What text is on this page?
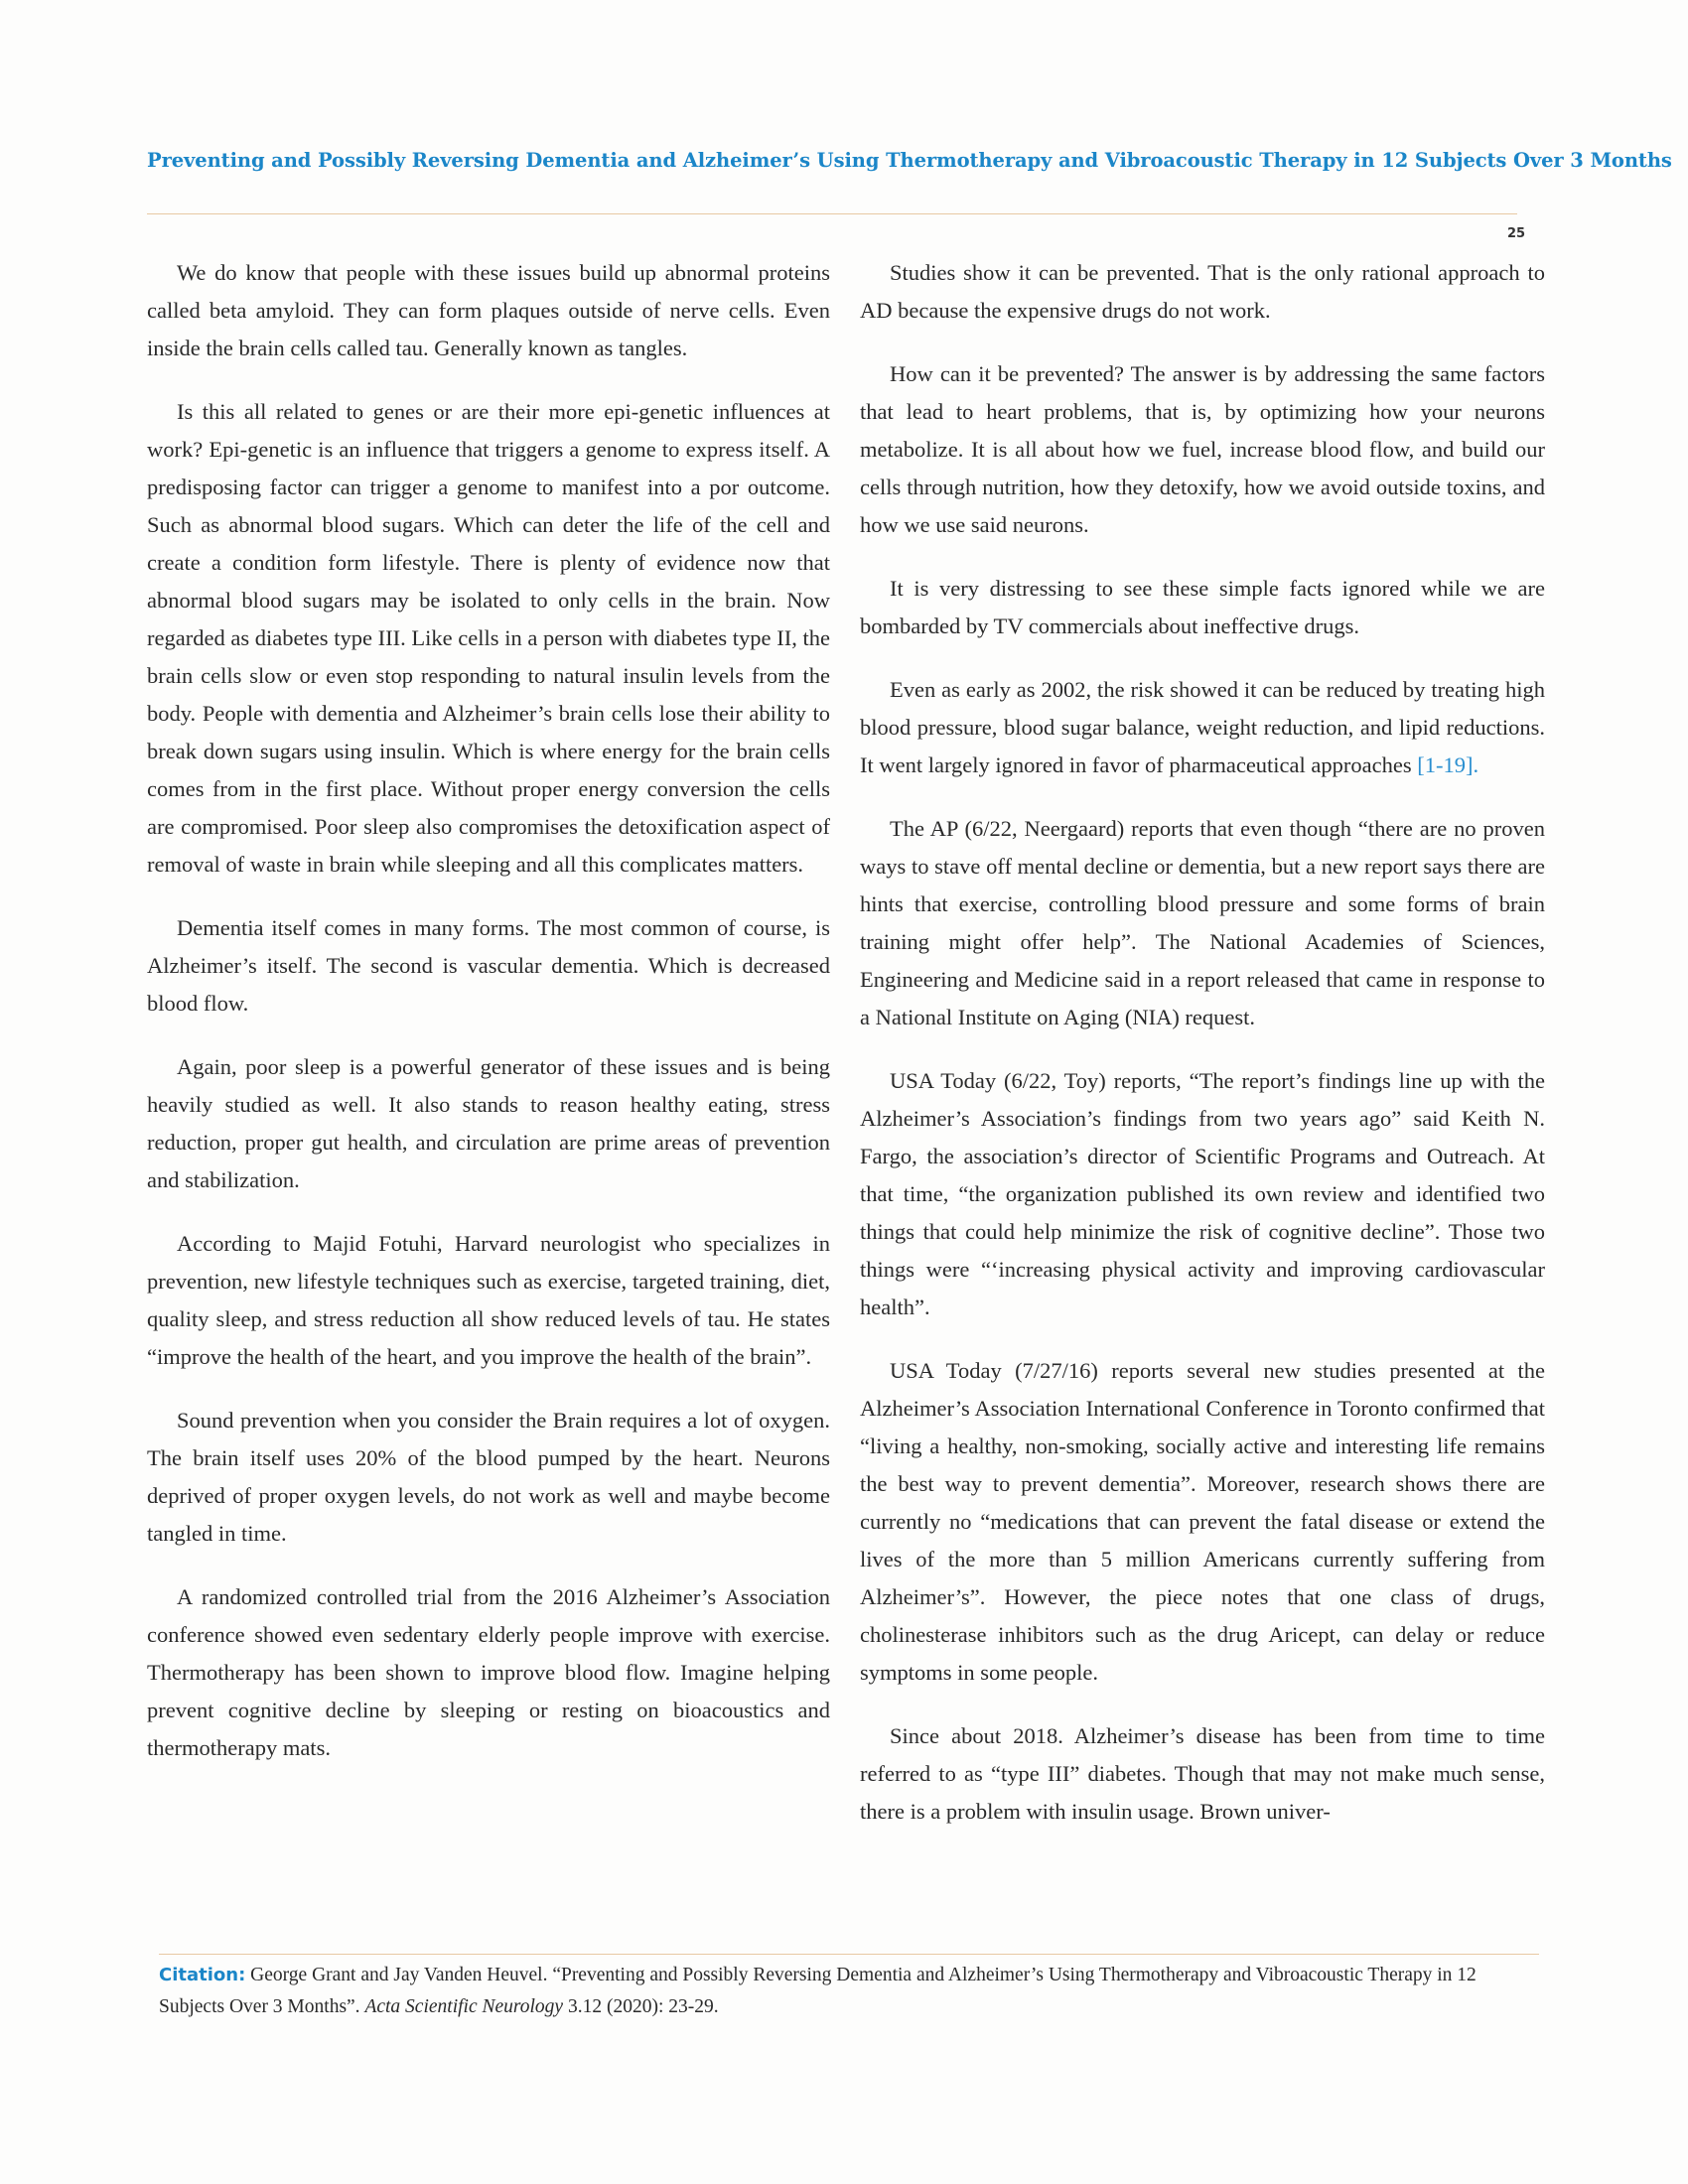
Preventing and Possibly Reversing Dementia and Alzheimer’s Using Thermotherapy and Vibroacoustic Therapy in 12 Subjects Over 3 Months
25

We do know that people with these issues build up abnormal proteins called beta amyloid. They can form plaques outside of nerve cells. Even inside the brain cells called tau. Generally known as tangles.

Is this all related to genes or are their more epi-genetic influences at work? Epi-genetic is an influence that triggers a genome to express itself. A predisposing factor can trigger a genome to manifest into a por outcome. Such as abnormal blood sugars. Which can deter the life of the cell and create a condition form lifestyle. There is plenty of evidence now that abnormal blood sugars may be isolated to only cells in the brain. Now regarded as diabetes type III. Like cells in a person with diabetes type II, the brain cells slow or even stop responding to natural insulin levels from the body. People with dementia and Alzheimer’s brain cells lose their ability to break down sugars using insulin. Which is where energy for the brain cells comes from in the first place. Without proper energy conversion the cells are compromised. Poor sleep also compromises the detoxification aspect of removal of waste in brain while sleeping and all this complicates matters.

Dementia itself comes in many forms. The most common of course, is Alzheimer’s itself. The second is vascular dementia. Which is decreased blood flow.

Again, poor sleep is a powerful generator of these issues and is being heavily studied as well. It also stands to reason healthy eating, stress reduction, proper gut health, and circulation are prime areas of prevention and stabilization.

According to Majid Fotuhi, Harvard neurologist who specializes in prevention, new lifestyle techniques such as exercise, targeted training, diet, quality sleep, and stress reduction all show reduced levels of tau. He states “improve the health of the heart, and you improve the health of the brain”.

Sound prevention when you consider the Brain requires a lot of oxygen. The brain itself uses 20% of the blood pumped by the heart. Neurons deprived of proper oxygen levels, do not work as well and maybe become tangled in time.

A randomized controlled trial from the 2016 Alzheimer’s Association conference showed even sedentary elderly people improve with exercise. Thermotherapy has been shown to improve blood flow. Imagine helping prevent cognitive decline by sleeping or resting on bioacoustics and thermotherapy mats.

Studies show it can be prevented. That is the only rational approach to AD because the expensive drugs do not work.

How can it be prevented? The answer is by addressing the same factors that lead to heart problems, that is, by optimizing how your neurons metabolize. It is all about how we fuel, increase blood flow, and build our cells through nutrition, how they detoxify, how we avoid outside toxins, and how we use said neurons.

It is very distressing to see these simple facts ignored while we are bombarded by TV commercials about ineffective drugs.

Even as early as 2002, the risk showed it can be reduced by treating high blood pressure, blood sugar balance, weight reduction, and lipid reductions. It went largely ignored in favor of pharmaceutical approaches [1-19].

The AP (6/22, Neergaard) reports that even though “there are no proven ways to stave off mental decline or dementia, but a new report says there are hints that exercise, controlling blood pressure and some forms of brain training might offer help”. The National Academies of Sciences, Engineering and Medicine said in a report released that came in response to a National Institute on Aging (NIA) request.

USA Today (6/22, Toy) reports, “The report’s findings line up with the Alzheimer’s Association’s findings from two years ago” said Keith N. Fargo, the association’s director of Scientific Programs and Outreach. At that time, “the organization published its own review and identified two things that could help minimize the risk of cognitive decline”. Those two things were “‘increasing physical activity and improving cardiovascular health”.

USA Today (7/27/16) reports several new studies presented at the Alzheimer’s Association International Conference in Toronto confirmed that “living a healthy, non-smoking, socially active and interesting life remains the best way to prevent dementia”. Moreover, research shows there are currently no “medications that can prevent the fatal disease or extend the lives of the more than 5 million Americans currently suffering from Alzheimer’s”. However, the piece notes that one class of drugs, cholinesterase inhibitors such as the drug Aricept, can delay or reduce symptoms in some people.

Since about 2018. Alzheimer’s disease has been from time to time referred to as “type III” diabetes. Though that may not make much sense, there is a problem with insulin usage. Brown univer-

Citation: George Grant and Jay Vanden Heuvel. “Preventing and Possibly Reversing Dementia and Alzheimer’s Using Thermotherapy and Vibroacoustic Therapy in 12 Subjects Over 3 Months”. Acta Scientific Neurology 3.12 (2020): 23-29.
